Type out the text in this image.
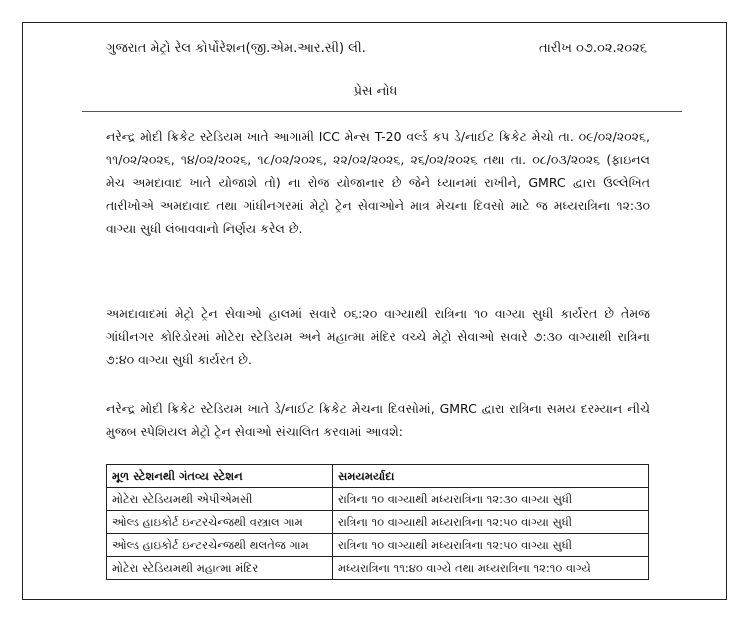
ગુજરાત મેટ્રો રેલ કોર્પોરેશન(જી.એમ.આર.સી) લી.	તારીખ ૦૭.૦૨.૨૦૨૬
પ્રેસ નોધ

નરેન્દ્ર મોદી ક્રિકેટ સ્ટેડિયમ ખાતે આગામી ICC મેન્સ T-20 વર્લ્ડ કપ ડે/નાઈટ ક્રિકેટ મેચો તા. ૦૯/૦૨/૨૦૨૬, ૧૧/૦૨/૨૦૨૬, ૧૪/૦૨/૨૦૨૬, ૧૮/૦૨/૨૦૨૬, ૨૨/૦૨/૨૦૨૬, ૨૬/૦૨/૨૦૨૬ તથા તા. ૦૮/૦૩/૨૦૨૬ (ફાઇનલ મેચ અમદાવાદ ખાતે યોજાશે તો) ના રોજ યોજાનાર છે જેને ધ્યાનમાં રાખીને, GMRC દ્વારા ઉલ્લેખિત તારીખોએ અમદાવાદ તથા ગાંધીનગરમાં મેટ્રો ટ્રેન સેવાઓને માત્ર મેચના દિવસો માટે જ મધ્યરાત્રિના ૧૨:૩૦ વાગ્યા સુધી લંબાવવાનો નિર્ણય કરેલ છે.

અમદાવાદમાં મેટ્રો ટ્રેન સેવાઓ હાલમાં સવારે ૦૬:૨૦ વાગ્યાથી રાત્રિના ૧૦ વાગ્યા સુધી કાર્યરત છે તેમજ ગાંધીનગર કોરિડોરમાં મોટેરા સ્ટેડિયમ અને મહાત્મા મંદિર વચ્ચે મેટ્રો સેવાઓ સવારે ૭:૩૦ વાગ્યાથી રાત્રિના ૭:૪૦ વાગ્યા સુધી કાર્યરત છે.

નરેન્દ્ર મોદી ક્રિકેટ સ્ટેડિયમ ખાતે ડે/નાઈટ ક્રિકેટ મેચના દિવસોમાં, GMRC દ્વારા રાત્રિના સમય દરમ્યાન નીચે મુજબ સ્પેશિયલ મેટ્રો ટ્રેન સેવાઓ સંચાલિત કરવામાં આવશે:

મૂળ સ્ટેશનથી ગંતવ્ય સ્ટેશન	સમયમર્યાદા
મોટેરા સ્ટેડિયમથી એપીએમસી	રાત્રિના ૧૦ વાગ્યાથી મધ્યરાત્રિના ૧૨:૩૦ વાગ્યા સુધી
ઓલ્ડ હાઇકોર્ટ ઇન્ટરચેન્જથી વસ્ત્રાલ ગામ	રાત્રિના ૧૦ વાગ્યાથી મધ્યરાત્રિના ૧૨:૫૦ વાગ્યા સુધી
ઓલ્ડ હાઇકોર્ટ ઇન્ટરચેન્જથી થલતેજ ગામ	રાત્રિના ૧૦ વાગ્યાથી મધ્યરાત્રિના ૧૨:૫૦ વાગ્યા સુધી
મોટેરા સ્ટેડિયમથી મહાત્મા મંદિર	મધ્યરાત્રિના ૧૧:૪૦ વાગ્યે તથા મધ્યરાત્રિના ૧૨:૧૦ વાગ્યે
